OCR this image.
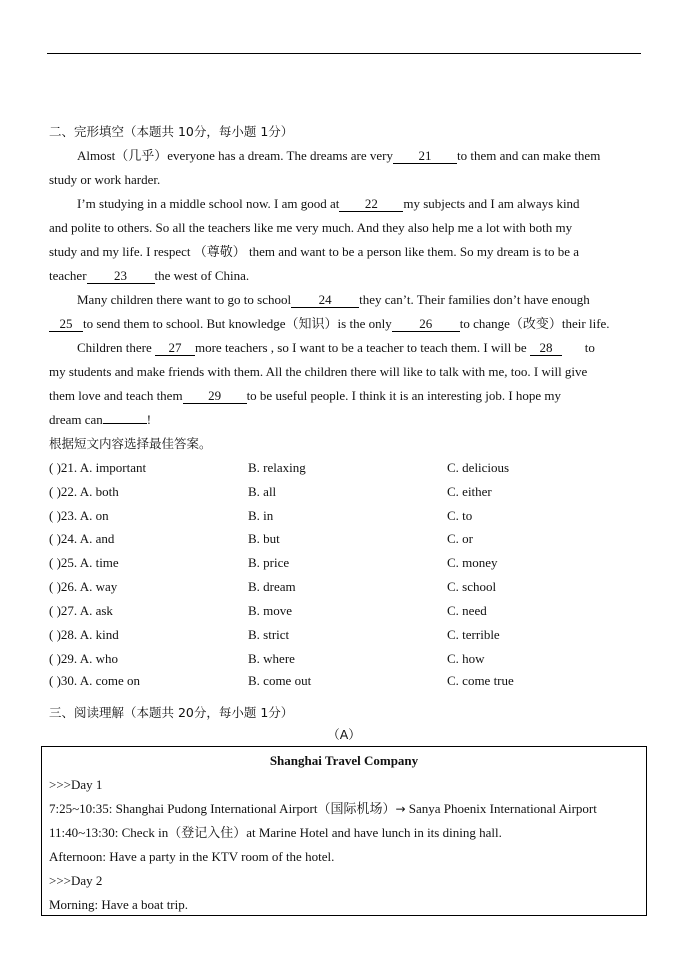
二、完形填空（本题共 10分，每小题 1分）
Almost（几乎）everyone has a dream. The dreams are very 21 to them and can make them
study or work harder.
I’m studying in a middle school now. I am good at 22 my subjects and I am always kind
and polite to others. So all the teachers like me very much. And they also help me a lot with both my
study and my life. I respect （尊敬） them and want to be a person like them. So my dream is to be a
teacher 23 the west of China.
Many children there want to go to school 24 they can’t. Their families don’t have enough
25 to send them to school. But knowledge（知识）is the only 26 to change（改变）their life.
Children there 27 more teachers , so I want to be a teacher to teach them. I will be 28 to
my students and make friends with them. All the children there will like to talk with me, too. I will give
them love and teach them 29 to be useful people. I think it is an interesting job. I hope my
dream can	!
根据短文内容选择最佳答案。
( )21. A. important	B. relaxing	C. delicious
( )22. A. both	B. all	C. either
( )23. A. on	B. in	C. to
( )24. A. and	B. but	C. or
( )25. A. time	B. price	C. money
( )26. A. way	B. dream	C. school
( )27. A. ask	B. move	C. need
( )28. A. kind	B. strict	C. terrible
( )29. A. who	B. where	C. how
( )30. A. come on	B. come out	C. come true
三、阅读理解（本题共 20分，每小题 1分）
（A）
Shanghai Travel Company
>>>Day 1
7:25~10:35: Shanghai Pudong International Airport（国际机场）→ Sanya Phoenix International Airport
11:40~13:30: Check in（登记入住）at Marine Hotel and have lunch in its dining hall.
Afternoon: Have a party in the KTV room of the hotel.
>>>Day 2
Morning: Have a boat trip.
